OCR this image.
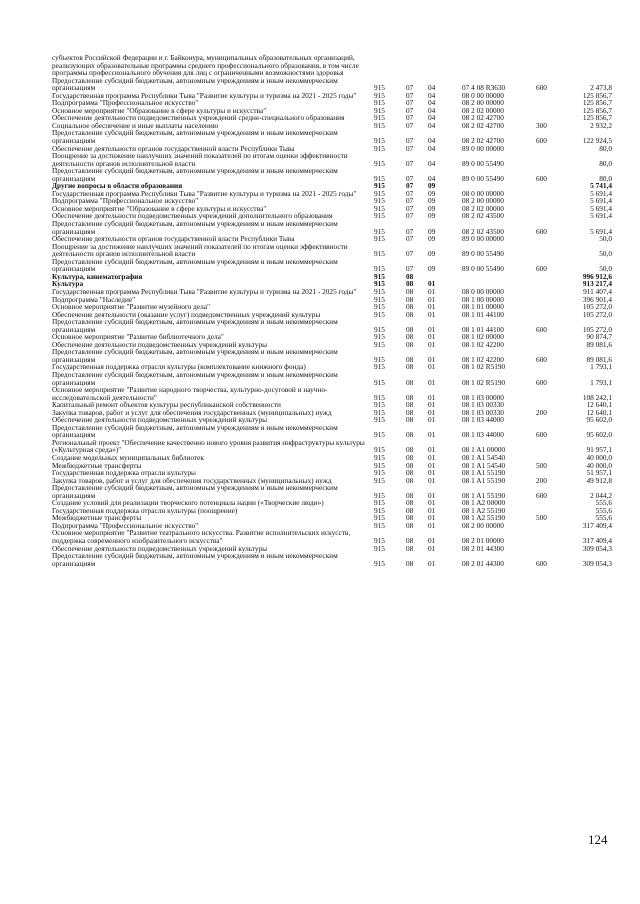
субъектов Российской Федерации и г. Байконура, муниципальных образовательных организаций, реализующих образовательные программы среднего профессионального образования, в том числе программы профессионального обучения для лиц с ограниченными возможностями здоровья
Предоставление субсидий бюджетным, автономным учреждениям и иным некоммерческим организациям	915	07	04	07 4 08 R3630	600	2 473,8
Государственная программа Республики Тыва "Развитие культуры и туризма на 2021 - 2025 годы"	915	07	04	08 0 00 00000	125 856,7
Подпрограмма "Профессиональное искусство"	915	07	04	08 2 00 00000	125 856,7
Основное мероприятие "Образование в сфере культуры и искусства"	915	07	04	08 2 02 00000	125 856,7
Обеспечение деятельности подведомственных учреждений средне-специального образования	915	07	04	08 2 02 42700	125 856,7
Социальное обеспечение и иные выплаты населению	915	07	04	08 2 02 42700	300	2 932,2
Предоставление субсидий бюджетным, автономным учреждениям и иным некоммерческим организациям	915	07	04	08 2 02 42700	600	122 924,5
Обеспечение деятельности органов государственной власти Республики Тыва	915	07	04	89 0 00 00000	80,0
Поощрение за достижение наилучших значений показателей по итогам оценки эффективности деятельности органов исполнительной власти	915	07	04	89 0 00 55490	80,0
Предоставление субсидий бюджетным, автономным учреждениям и иным некоммерческим организациям	915	07	04	89 0 00 55490	600	80,0
Другие вопросы в области образования	915	07	09	5 741,4
Государственная программа Республики Тыва "Развитие культуры и туризма на 2021 - 2025 годы"	915	07	09	08 0 00 00000	5 691,4
Подпрограмма "Профессиональное искусство"	915	07	09	08 2 00 00000	5 691,4
Основное мероприятие "Образование в сфере культуры и искусства"	915	07	09	08 2 02 00000	5 691,4
Обеспечение деятельности подведомственных учреждений дополнительного образования	915	07	09	08 2 02 43500	5 691,4
Предоставление субсидий бюджетным, автономным учреждениям и иным некоммерческим организациям	915	07	09	08 2 02 43500	600	5 691,4
Обеспечение деятельности органов государственной власти Республики Тыва	915	07	09	89 0 00 00000	50,0
Поощрение за достижение наилучших значений показателей по итогам оценки эффективности деятельности органов исполнительной власти	915	07	09	89 0 00 55490	50,0
Предоставление субсидий бюджетным, автономным учреждениям и иным некоммерческим организациям	915	07	09	89 0 00 55490	600	50,0
Культура, кинематография	915	08	996 912,6
Культура	915	08	01	913 217,4
Государственная программа Республики Тыва "Развитие культуры и туризма на 2021 - 2025 годы"	915	08	01	08 0 00 00000	911 407,4
Подпрограмма "Наследие"	915	08	01	08 1 00 00000	396 901,4
Основное мероприятие "Развитие музейного дела"	915	08	01	08 1 01 00000	105 272,0
Обеспечение деятельности (оказание услуг) подведомственных учреждений культуры	915	08	01	08 1 01 44100	105 272,0
Предоставление субсидий бюджетным, автономным учреждениям и иным некоммерческим организациям	915	08	01	08 1 01 44100	600	105 272,0
Основное мероприятие "Развитие библиотечного дела"	915	08	01	08 1 02 00000	90 874,7
Обеспечение деятельности подведомственных учреждений культуры	915	08	01	08 1 02 42200	89 081,6
Предоставление субсидий бюджетным, автономным учреждениям и иным некоммерческим организациям	915	08	01	08 1 02 42200	600	89 081,6
Государственная поддержка отрасли культуры (комплектование книжного фонда)	915	08	01	08 1 02 R5190	1 793,1
Предоставление субсидий бюджетным, автономным учреждениям и иным некоммерческим организациям	915	08	01	08 1 02 R5190	600	1 793,1
Основное мероприятие "Развитие народного творчества, культурно-досуговой и научно-исследовательской деятельности"	915	08	01	08 1 03 00000	108 242,1
Капитальный ремонт объектов культуры республиканской собственности	915	08	01	08 1 03 00330	12 640,1
Закупка товаров, работ и услуг для обеспечения государственных (муниципальных) нужд	915	08	01	08 1 03 00330	200	12 640,1
Обеспечение деятельности подведомственных учреждений культуры	915	08	01	08 1 03 44000	95 602,0
Предоставление субсидий бюджетным, автономным учреждениям и иным некоммерческим организациям	915	08	01	08 1 03 44000	600	95 602,0
Региональный проект "Обеспечение качественно нового уровня развития инфраструктуры культуры («Культурная среда»)"	915	08	01	08 1 A1 00000	91 957,1
Создание модельных муниципальных библиотек	915	08	01	08 1 A1 54540	40 000,0
Межбюджетные трансферты	915	08	01	08 1 A1 54540	500	40 000,0
Государственная поддержка отрасли культуры	915	08	01	08 1 A1 55190	51 957,1
Закупка товаров, работ и услуг для обеспечения государственных (муниципальных) нужд	915	08	01	08 1 A1 55190	200	49 912,8
Предоставление субсидий бюджетным, автономным учреждениям и иным некоммерческим организациям	915	08	01	08 1 A1 55190	600	2 044,2
Создание условий для реализации творческого потенциала нации («Творческие люди»)	915	08	01	08 1 A2 00000	555,6
Государственная поддержка отрасли культуры (поощрение)	915	08	01	08 1 A2 55190	555,6
Межбюджетные трансферты	915	08	01	08 1 A2 55190	500	555,6
Подпрограмма "Профессиональное искусство"	915	08	01	08 2 00 00000	317 409,4
Основное мероприятие "Развитие театрального искусства. Развитие исполнительских искусств, поддержка современного изобразительного искусства"	915	08	01	08 2 01 00000	317 409,4
Обеспечение деятельности подведомственных учреждений культуры	915	08	01	08 2 01 44300	309 054,3
Предоставление субсидий бюджетным, автономным учреждениям и иным некоммерческим организациям	915	08	01	08 2 01 44300	600	309 054,3
124
